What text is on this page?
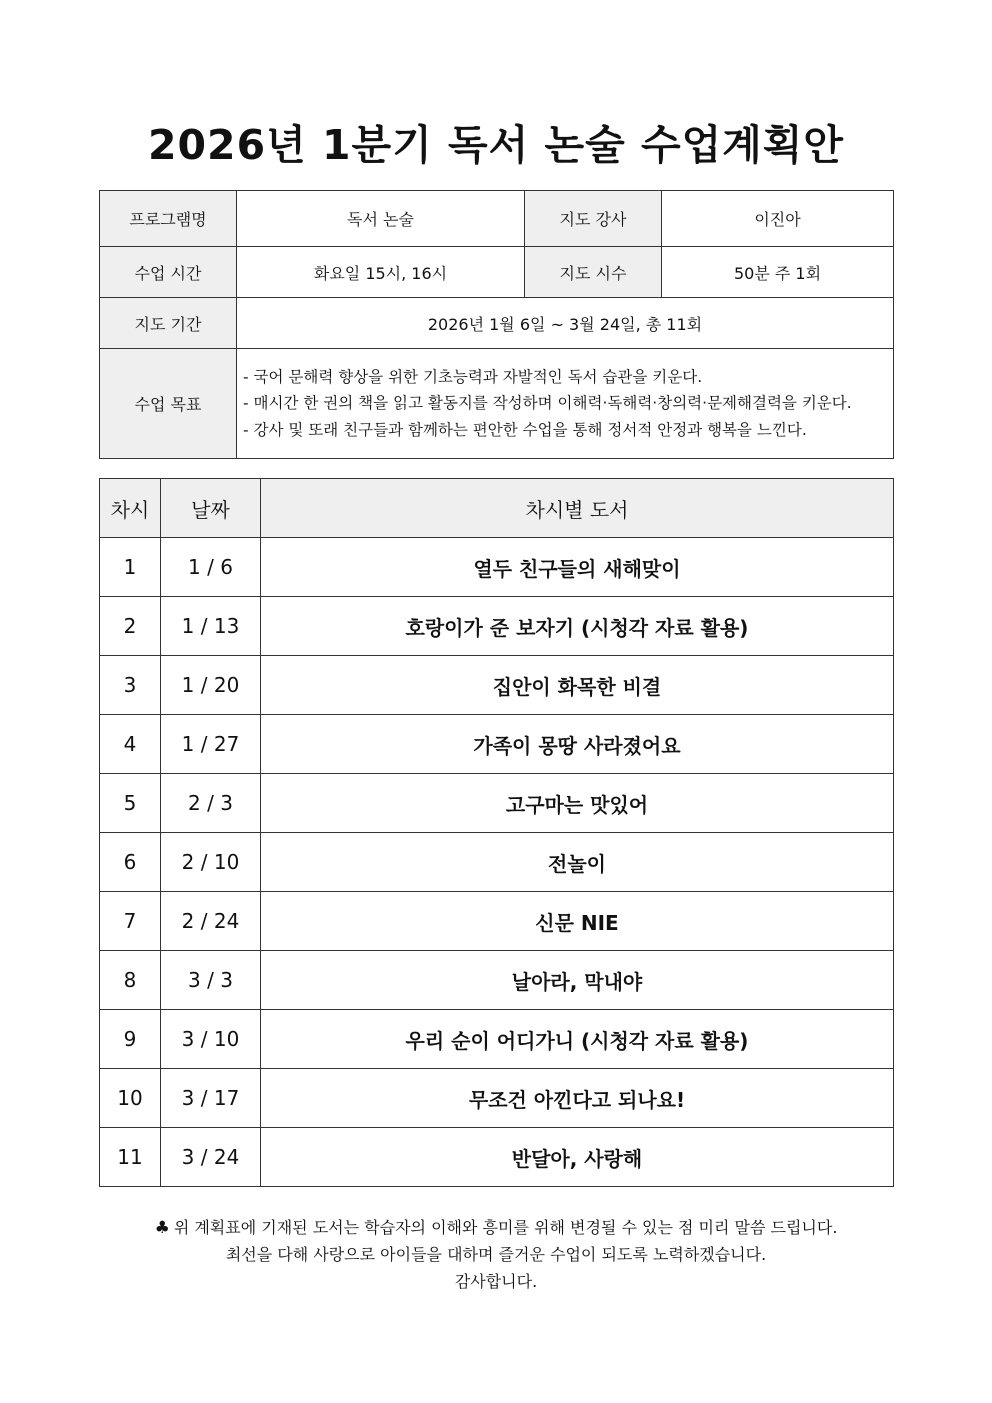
2026년 1분기 독서 논술 수업계획안
프로그램명	독서 논술	지도 강사	이진아
수업 시간	화요일 15시, 16시	지도 시수	50분 주 1회
지도 기간	2026년 1월 6일 ~ 3월 24일, 총 11회		
수업 목표	- 국어 문해력 향상을 위한 기초능력과 자발적인 독서 습관을 키운다.
- 매시간 한 권의 책을 읽고 활동지를 작성하며 이해력·독해력·창의력·문제해결력을 키운다.
- 강사 및 또래 친구들과 함께하는 편안한 수업을 통해 정서적 안정과 행복을 느낀다.		
차시	날짜	차시별 도서
1	1 / 6	열두 친구들의 새해맞이
2	1 / 13	호랑이가 준 보자기 (시청각 자료 활용)
3	1 / 20	집안이 화목한 비결
4	1 / 27	가족이 몽땅 사라졌어요
5	2 / 3	고구마는 맛있어
6	2 / 10	전놀이
7	2 / 24	신문 NIE
8	3 / 3	날아라, 막내야
9	3 / 10	우리 순이 어디가니 (시청각 자료 활용)
10	3 / 17	무조건 아낀다고 되나요!
11	3 / 24	반달아, 사랑해
♣ 위 계획표에 기재된 도서는 학습자의 이해와 흥미를 위해 변경될 수 있는 점 미리 말씀 드립니다.
최선을 다해 사랑으로 아이들을 대하며 즐거운 수업이 되도록 노력하겠습니다.
감사합니다.
